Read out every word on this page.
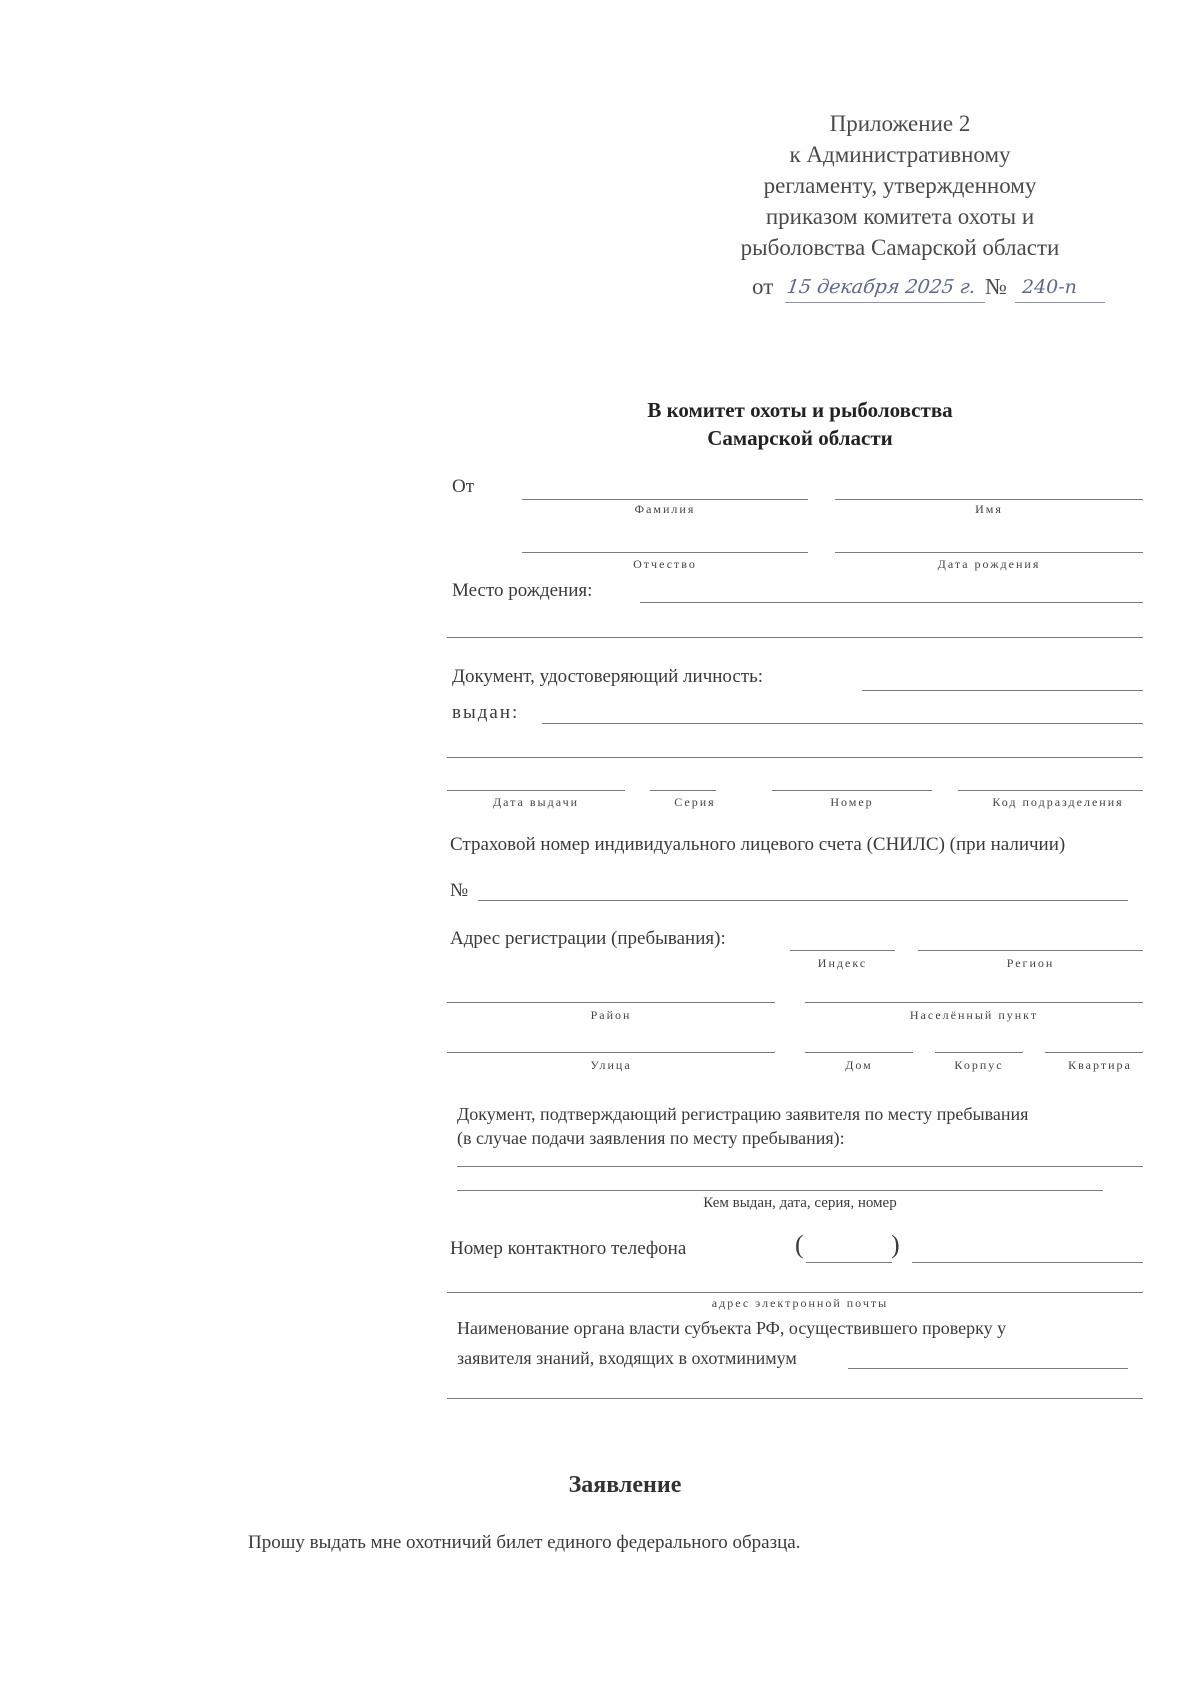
Приложение 2
к Административному
регламенту, утвержденному
приказом комитета охоты и
рыболовства Самарской области
от 15 декабря 2025 г. № 240-п
В комитет охоты и рыболовства
Самарской области
От
Фамилия	Имя
Отчество	Дата рождения
Место рождения:
Документ, удостоверяющий личность:
выдан:
Дата выдачи	Серия	Номер	Код подразделения
Страховой номер индивидуального лицевого счета (СНИЛС) (при наличии)
№
Адрес регистрации (пребывания):
Индекс	Регион
Район	Населённый пункт
Улица	Дом	Корпус	Квартира
Документ, подтверждающий регистрацию заявителя по месту пребывания
(в случае подачи заявления по месту пребывания):
Кем выдан, дата, серия, номер
Номер контактного телефона	(	)
адрес электронной почты
Наименование органа власти субъекта РФ, осуществившего проверку у
заявителя знаний, входящих в охотминимум
Заявление
Прошу выдать мне охотничий билет единого федерального образца.
